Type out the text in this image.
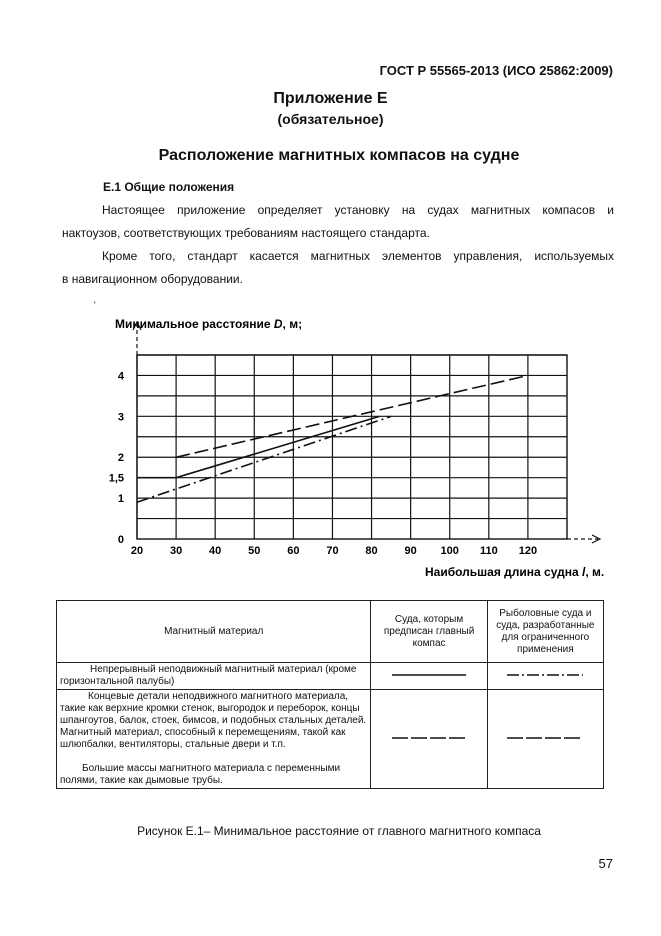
ГОСТ Р 55565-2013 (ИСО 25862:2009)
Приложение Е
(обязательное)
Расположение магнитных компасов на судне
Е.1 Общие положения
Настоящее приложение определяет установку на судах магнитных компасов и
нактоузов, соответствующих требованиям настоящего стандарта.
Кроме того, стандарт касается магнитных элементов управления, используемых
в навигационном оборудовании.
'
20 30 40 50 60 70 80 90 100 110 120
0
1
1,5
2
3
4
Минимальное расстояние D, м;
Наибольшая длина судна l, м.
Магнитный материал	Суда, которым предписан главный компас	Рыболовные суда и суда, разработанные для ограниченного применения
Непрерывный неподвижный магнитный материал (кроме горизонтальной палубы)		
Концевые детали неподвижного магнитного материала, такие как верхние кромки стенок, выгородок и переборок, концы шпангоутов, балок, стоек, бимсов, и подобных стальных деталей. Магнитный материал, способный к перемещениям, такой как шлюпбалки, вентиляторы, стальные двери и т.п.
Большие массы магнитного материала с переменными полями, такие как дымовые трубы.

Рисунок Е.1– Минимальное расстояние от главного магнитного компаса
57
